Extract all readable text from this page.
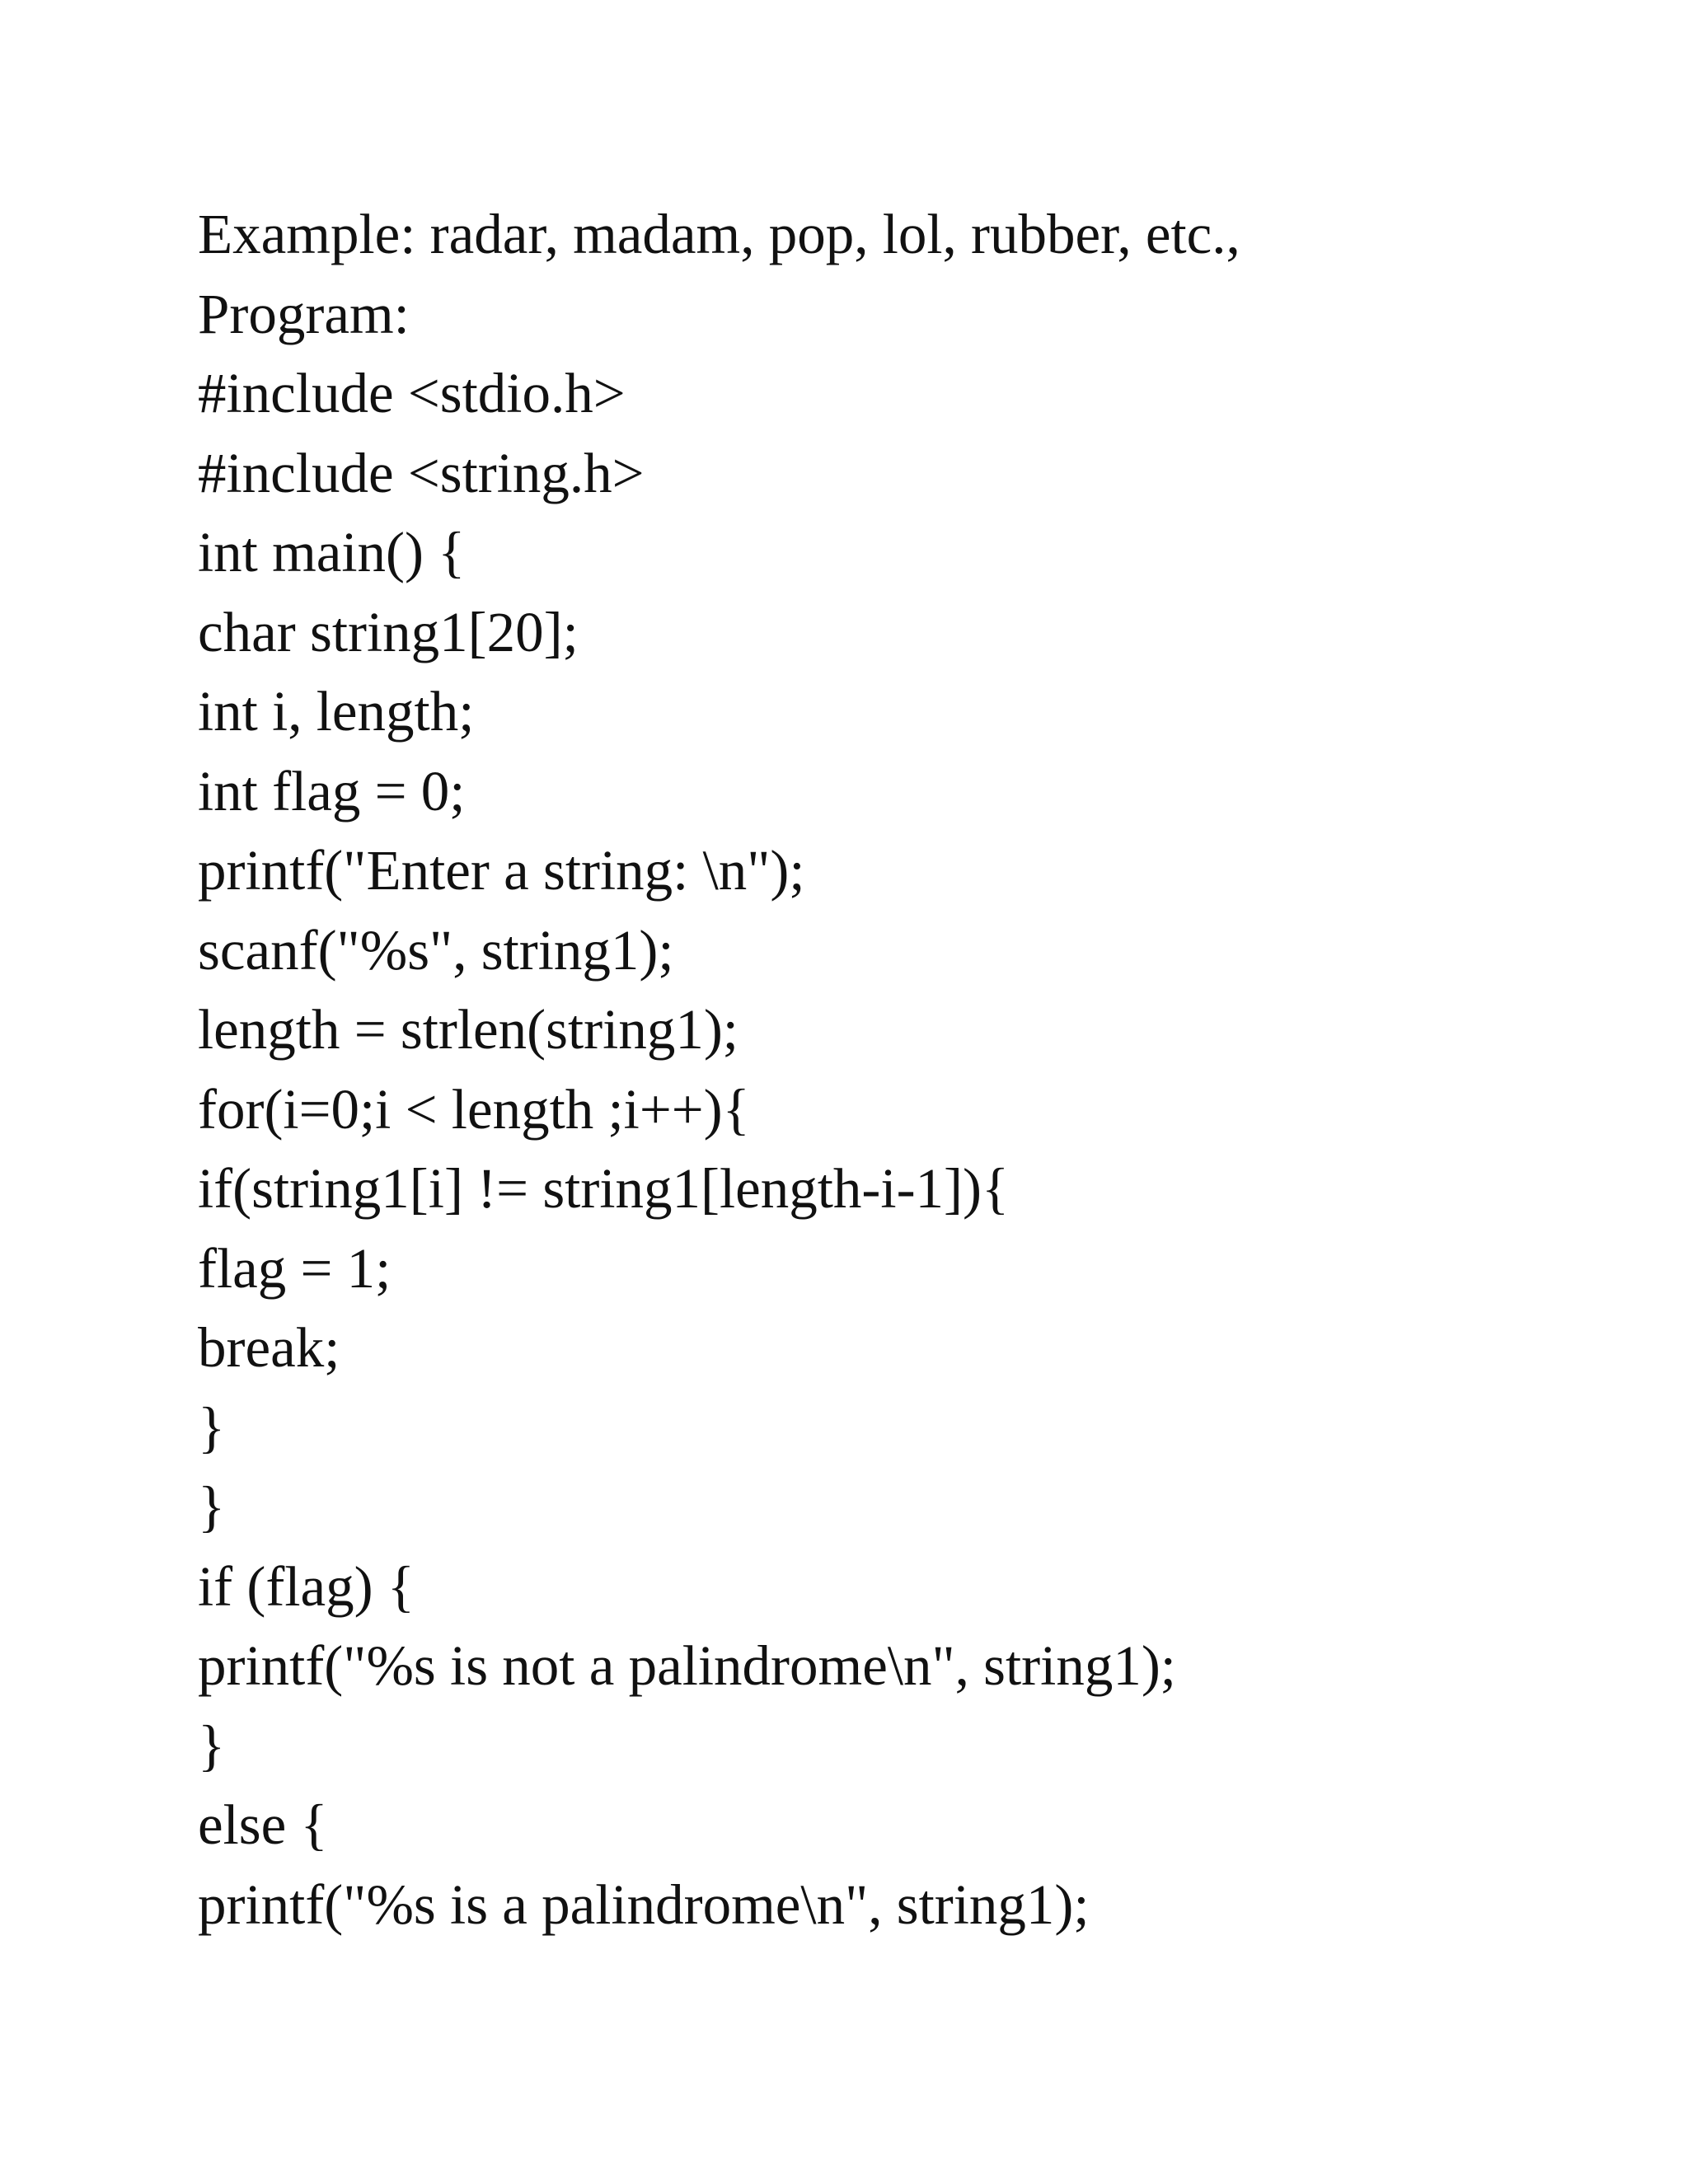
Example: radar, madam, pop, lol, rubber, etc.,

Program:

#include <stdio.h>

#include <string.h>

int main() {

char string1[20];

int i, length;

int flag = 0;

printf("Enter a string: \n");

scanf("%s", string1);

length = strlen(string1);

for(i=0;i < length ;i++){

if(string1[i] != string1[length-i-1]){

flag = 1;

break;

}

}

if (flag) {

printf("%s is not a palindrome\n", string1);

}

else {

printf("%s is a palindrome\n", string1);
